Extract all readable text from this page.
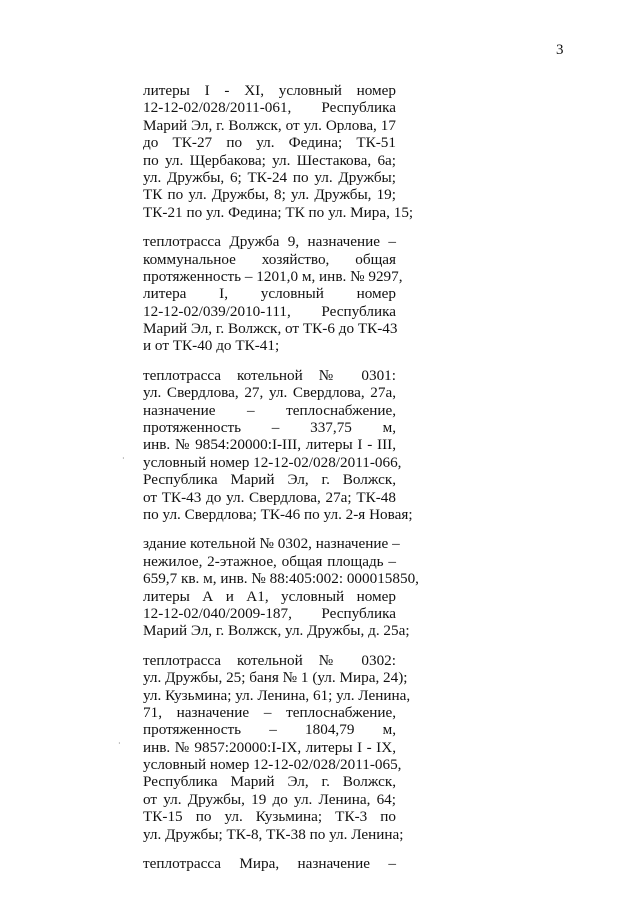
3
литеры I - XI, условный номер
12-12-02/028/2011-061, Республика
Марий Эл, г. Волжск, от ул. Орлова, 17
до ТК-27 по ул. Федина; ТК-51
по ул. Щербакова; ул. Шестакова, 6а;
ул. Дружбы, 6; ТК-24 по ул. Дружбы;
ТК по ул. Дружбы, 8; ул. Дружбы, 19;
ТК-21 по ул. Федина; ТК по ул. Мира, 15;
теплотрасса Дружба 9, назначение –
коммунальное хозяйство, общая
протяженность – 1201,0 м, инв. № 9297,
литера I, условный номер
12-12-02/039/2010-111, Республика
Марий Эл, г. Волжск, от ТК-6 до ТК-43
и от ТК-40 до ТК-41;
теплотрасса котельной № 0301:
ул. Свердлова, 27, ул. Свердлова, 27а,
назначение – теплоснабжение,
протяженность – 337,75 м,
инв. № 9854:20000:I-III, литеры I - III,
условный номер 12-12-02/028/2011-066,
Республика Марий Эл, г. Волжск,
от ТК-43 до ул. Свердлова, 27а; ТК-48
по ул. Свердлова; ТК-46 по ул. 2-я Новая;
здание котельной № 0302, назначение –
нежилое, 2-этажное, общая площадь –
659,7 кв. м, инв. № 88:405:002: 000015850,
литеры А и А1, условный номер
12-12-02/040/2009-187, Республика
Марий Эл, г. Волжск, ул. Дружбы, д. 25а;
теплотрасса котельной № 0302:
ул. Дружбы, 25; баня № 1 (ул. Мира, 24);
ул. Кузьмина; ул. Ленина, 61; ул. Ленина,
71, назначение – теплоснабжение,
протяженность – 1804,79 м,
инв. № 9857:20000:I-IX, литеры I - IX,
условный номер 12-12-02/028/2011-065,
Республика Марий Эл, г. Волжск,
от ул. Дружбы, 19 до ул. Ленина, 64;
ТК-15 по ул. Кузьмина; ТК-3 по
ул. Дружбы; ТК-8, ТК-38 по ул. Ленина;
теплотрасса Мира, назначение –
·
·
